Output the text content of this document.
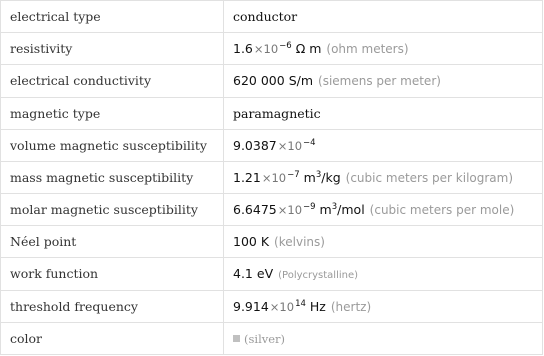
electrical type	conductor
resistivity	$1.6\times 10^{-6}$ Ω m (ohm meters)
electrical conductivity	620 000 S/m (siemens per meter)
magnetic type	paramagnetic
volume magnetic susceptibility	$9.0387\times 10^{-4}$
mass magnetic susceptibility	$1.21\times 10^{-7}$ $m^3/kg$ (cubic meters per kilogram)
molar magnetic susceptibility	$6.6475\times 10^{-9}$ $m^3$/mol (cubic meters per mole)
Néel point	100 K (kelvins)
work function	4.1 eV (Polycrystalline)
threshold frequency	$9.914\times 10^{14}$ Hz (hertz)
color	(silver)
